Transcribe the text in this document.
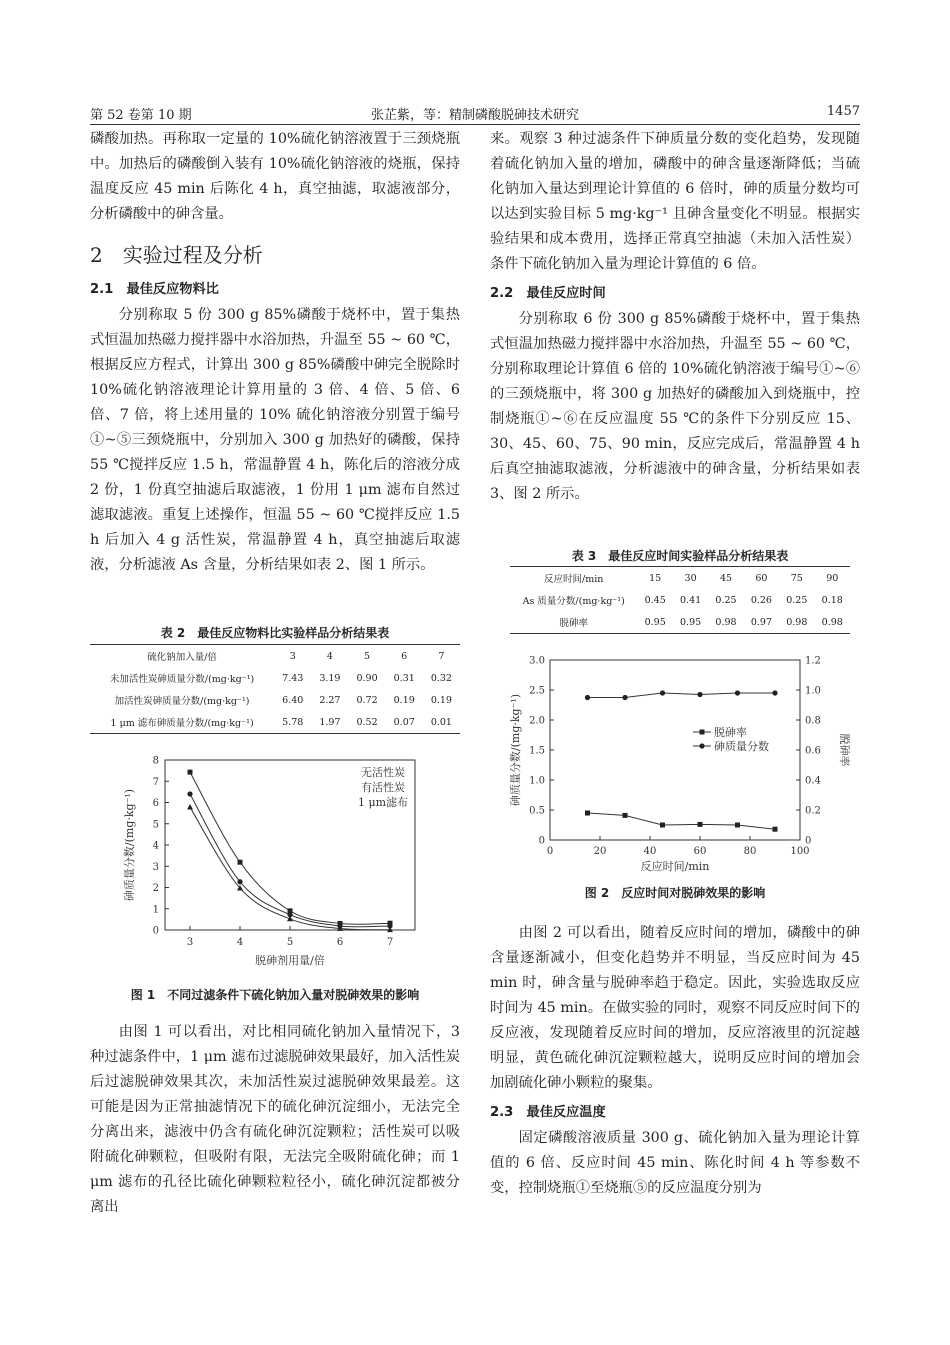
第 52 卷第 10 期	张芷紫，等：精制磷酸脱砷技术研究	1457

磷酸加热。再称取一定量的 10%硫化钠溶液置于三颈烧瓶中。加热后的磷酸倒入装有 10%硫化钠溶液的烧瓶，保持温度反应 45 min 后陈化 4 h，真空抽滤，取滤液部分，分析磷酸中的砷含量。

2　实验过程及分析
2.1　最佳反应物料比

分别称取 5 份 300 g 85%磷酸于烧杯中，置于集热式恒温加热磁力搅拌器中水浴加热，升温至 55 ~ 60 ℃，根据反应方程式，计算出 300 g 85%磷酸中砷完全脱除时 10%硫化钠溶液理论计算用量的 3 倍、4 倍、5 倍、6 倍、7 倍，将上述用量的 10% 硫化钠溶液分别置于编号①~⑤三颈烧瓶中，分别加入 300 g 加热好的磷酸，保持 55 ℃搅拌反应 1.5 h，常温静置 4 h，陈化后的溶液分成 2 份，1 份真空抽滤后取滤液，1 份用 1 μm 滤布自然过滤取滤液。重复上述操作，恒温 55 ~ 60 ℃搅拌反应 1.5 h 后加入 4 g 活性炭，常温静置 4 h，真空抽滤后取滤液，分析滤液 As 含量，分析结果如表 2、图 1 所示。

表 2　最佳反应物料比实验样品分析结果表
硫化钠加入量/倍	3	4	5	6	7
未加活性炭砷质量分数/(mg·kg⁻¹)	7.43	3.19	0.90	0.31	0.32
加活性炭砷质量分数/(mg·kg⁻¹)	6.40	2.27	0.72	0.19	0.19
1 μm 滤布砷质量分数/(mg·kg⁻¹)	5.78	1.97	0.52	0.07	0.01
0
1
2
3
4
5
6
7
8
3	4	5	6	7
脱砷剂用量/倍
砷质量分数/(mg·kg⁻¹)
无活性炭
有活性炭
1 μm滤布
图 1　不同过滤条件下硫化钠加入量对脱砷效果的影响

由图 1 可以看出，对比相同硫化钠加入量情况下，3 种过滤条件中，1 μm 滤布过滤脱砷效果最好，加入活性炭后过滤脱砷效果其次，未加活性炭过滤脱砷效果最差。这可能是因为正常抽滤情况下的硫化砷沉淀细小，无法完全分离出来，滤液中仍含有硫化砷沉淀颗粒；活性炭可以吸附硫化砷颗粒，但吸附有限，无法完全吸附硫化砷；而 1 μm 滤布的孔径比硫化砷颗粒粒径小，硫化砷沉淀都被分离出

来。观察 3 种过滤条件下砷质量分数的变化趋势，发现随着硫化钠加入量的增加，磷酸中的砷含量逐渐降低；当硫化钠加入量达到理论计算值的 6 倍时，砷的质量分数均可以达到实验目标 5 mg·kg⁻¹ 且砷含量变化不明显。根据实验结果和成本费用，选择正常真空抽滤（未加入活性炭）条件下硫化钠加入量为理论计算值的 6 倍。

2.2　最佳反应时间

分别称取 6 份 300 g 85%磷酸于烧杯中，置于集热式恒温加热磁力搅拌器中水浴加热，升温至 55 ~ 60 ℃，分别称取理论计算值 6 倍的 10%硫化钠溶液于编号①~⑥的三颈烧瓶中，将 300 g 加热好的磷酸加入到烧瓶中，控制烧瓶①~⑥在反应温度 55 ℃的条件下分别反应 15、30、45、60、75、90 min，反应完成后，常温静置 4 h 后真空抽滤取滤液，分析滤液中的砷含量，分析结果如表 3、图 2 所示。

表 3　最佳反应时间实验样品分析结果表
反应时间/min	15	30	45	60	75	90
As 质量分数/(mg·kg⁻¹)	0.45	0.41	0.25	0.26	0.25	0.18
脱砷率	0.95	0.95	0.98	0.97	0.98	0.98
0
0.5
1.0
1.5
2.0
2.5
3.0
0
0.2
0.4
0.6
0.8
1.0
1.2
0	20	40	60	80	100
反应时间/min
砷质量分数/(mg·kg⁻¹)	脱砷率
脱砷率
砷质量分数
图 2　反应时间对脱砷效果的影响

由图 2 可以看出，随着反应时间的增加，磷酸中的砷含量逐渐减小，但变化趋势并不明显，当反应时间为 45 min 时，砷含量与脱砷率趋于稳定。因此，实验选取反应时间为 45 min。在做实验的同时，观察不同反应时间下的反应液，发现随着反应时间的增加，反应溶液里的沉淀越明显，黄色硫化砷沉淀颗粒越大，说明反应时间的增加会加剧硫化砷小颗粒的聚集。

2.3　最佳反应温度

固定磷酸溶液质量 300 g、硫化钠加入量为理论计算值的 6 倍、反应时间 45 min、陈化时间 4 h 等参数不变，控制烧瓶①至烧瓶⑤的反应温度分别为
